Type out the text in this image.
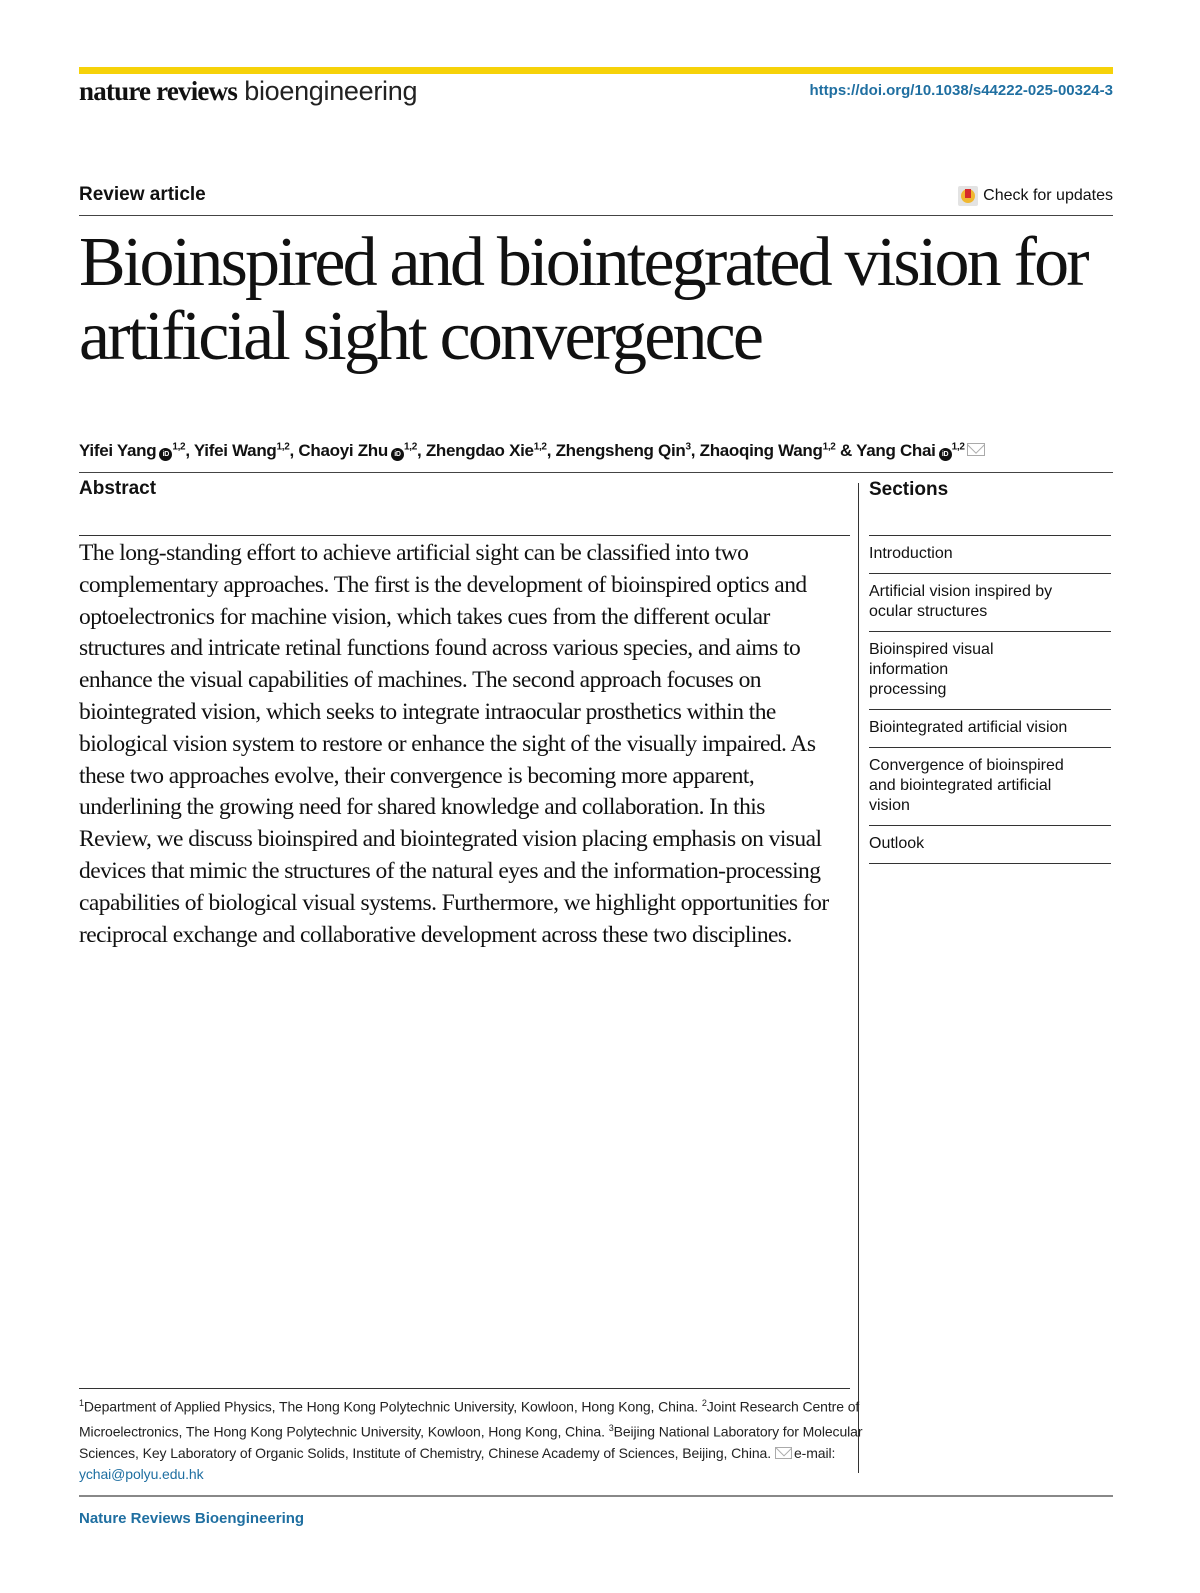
nature reviews bioengineering	https://doi.org/10.1038/s44222-025-00324-3
Review article	Check for updates
Bioinspired and biointegrated vision for artificial sight convergence
Yifei Yang iD$^{1,2}$, Yifei Wang$^{1,2}$, Chaoyi Zhu iD$^{1,2}$, Zhengdao Xie$^{1,2}$, Zhengsheng Qin$^3$, Zhaoqing Wang$^{1,2}$ & Yang Chai iD$^{1,2}$
Abstract

The long-standing effort to achieve artificial sight can be classified into two complementary approaches. The first is the development of bioinspired optics and optoelectronics for machine vision, which takes cues from the different ocular structures and intricate retinal functions found across various species, and aims to enhance the visual capabilities of machines. The second approach focuses on biointegrated vision, which seeks to integrate intraocular prosthetics within the biological vision system to restore or enhance the sight of the visually impaired. As these two approaches evolve, their convergence is becoming more apparent, underlining the growing need for shared knowledge and collaboration. In this Review, we discuss bioinspired and biointegrated vision placing emphasis on visual devices that mimic the structures of the natural eyes and the information-processing capabilities of biological visual systems. Furthermore, we highlight opportunities for reciprocal exchange and collaborative development across these two disciplines.

Sections
Introduction
Artificial vision inspired by ocular structures
Bioinspired visual information processing
Biointegrated artificial vision
Convergence of bioinspired and biointegrated artificial vision
Outlook
$^1$Department of Applied Physics, The Hong Kong Polytechnic University, Kowloon, Hong Kong, China. $^2$Joint Research Centre of Microelectronics, The Hong Kong Polytechnic University, Kowloon, Hong Kong, China. $^3$Beijing National Laboratory for Molecular Sciences, Key Laboratory of Organic Solids, Institute of Chemistry, Chinese Academy of Sciences, Beijing, China. e-mail: ychai@polyu.edu.hk
Nature Reviews Bioengineering
